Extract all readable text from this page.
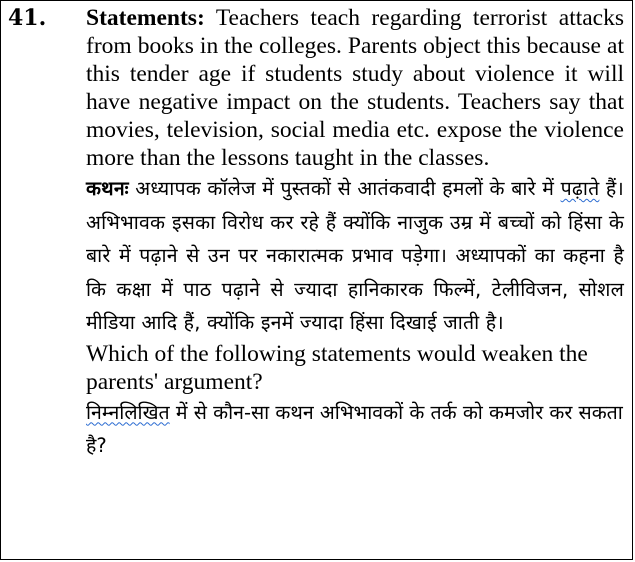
41. Statements: Teachers teach regarding terrorist attacks from books in the colleges. Parents object this because at this tender age if students study about violence it will have negative impact on the students. Teachers say that movies, television, social media etc. expose the violence more than the lessons taught in the classes.

कथनः अध्यापक कॉलेज में पुस्तकों से आतंकवादी हमलों के बारे में पढ़ाते हैं। अभिभावक इसका विरोध कर रहे हैं क्योंकि नाजुक उम्र में बच्चों को हिंसा के बारे में पढ़ाने से उन पर नकारात्मक प्रभाव पड़ेगा। अध्यापकों का कहना है कि कक्षा में पाठ पढ़ाने से ज्यादा हानिकारक फिल्में, टेलीविजन, सोशल मीडिया आदि हैं, क्योंकि इनमें ज्यादा हिंसा दिखाई जाती है।

Which of the following statements would weaken the parents' argument?

निम्नलिखित में से कौन-सा कथन अभिभावकों के तर्क को कमजोर कर सकता है?
